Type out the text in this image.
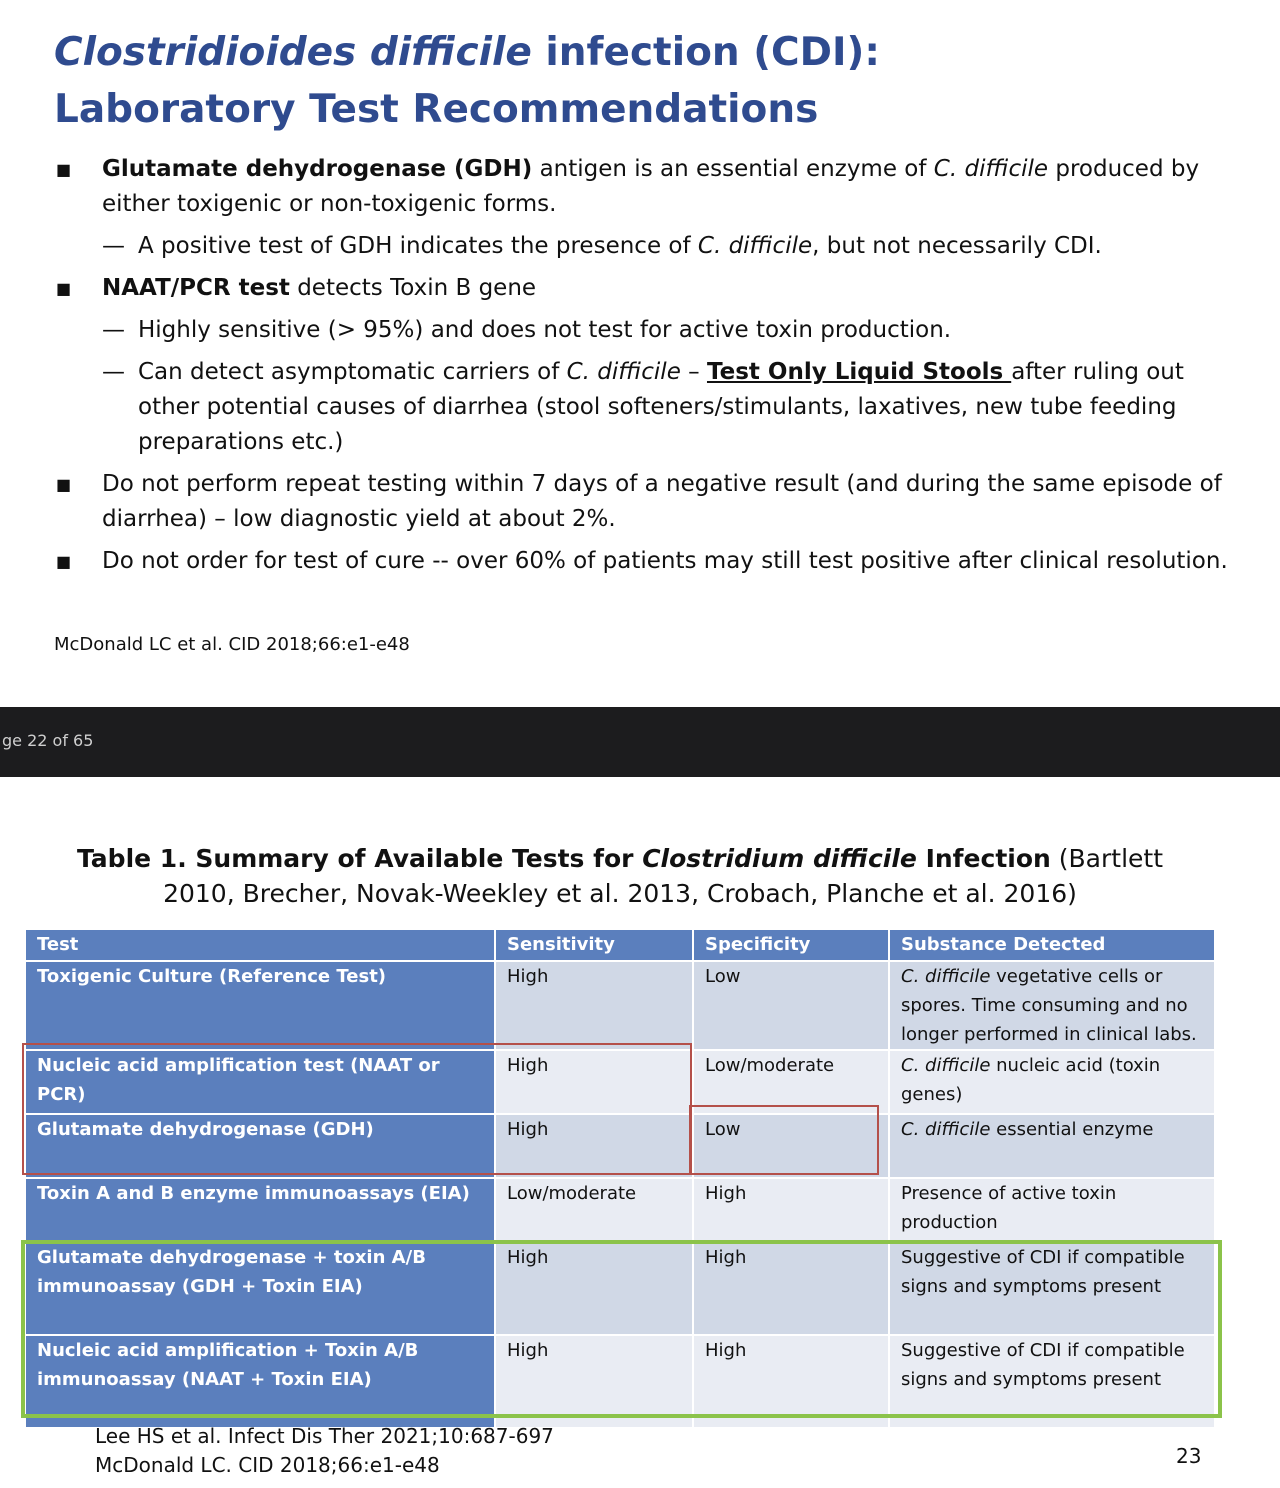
Clostridioides difficile infection (CDI):
Laboratory Test Recommendations
■ Glutamate dehydrogenase (GDH) antigen is an essential enzyme of C. difficile produced by either toxigenic or non-toxigenic forms.
— A positive test of GDH indicates the presence of C. difficile, but not necessarily CDI.
■ NAAT/PCR test detects Toxin B gene
— Highly sensitive (> 95%) and does not test for active toxin production.
— Can detect asymptomatic carriers of C. difficile – Test Only Liquid Stools after ruling out other potential causes of diarrhea (stool softeners/stimulants, laxatives, new tube feeding preparations etc.)
■ Do not perform repeat testing within 7 days of a negative result (and during the same episode of diarrhea) – low diagnostic yield at about 2%.
■ Do not order for test of cure -- over 60% of patients may still test positive after clinical resolution.
McDonald LC et al. CID 2018;66:e1-e48
ge 22 of 65
Table 1. Summary of Available Tests for Clostridium difficile Infection (Bartlett 2010, Brecher, Novak-Weekley et al. 2013, Crobach, Planche et al. 2016)
Test	Sensitivity	Specificity	Substance Detected
Toxigenic Culture (Reference Test)	High	Low	C. difficile vegetative cells or spores. Time consuming and no longer performed in clinical labs.
Nucleic acid amplification test (NAAT or PCR)	High	Low/moderate	C. difficile nucleic acid (toxin genes)
Glutamate dehydrogenase (GDH)	High	Low	C. difficile essential enzyme
Toxin A and B enzyme immunoassays (EIA)	Low/moderate	High	Presence of active toxin production
Glutamate dehydrogenase + toxin A/B immunoassay (GDH + Toxin EIA)	High	High	Suggestive of CDI if compatible signs and symptoms present
Nucleic acid amplification + Toxin A/B immunoassay (NAAT + Toxin EIA)	High	High	Suggestive of CDI if compatible signs and symptoms present
Lee HS et al. Infect Dis Ther 2021;10:687-697
McDonald LC. CID 2018;66:e1-e48	23
